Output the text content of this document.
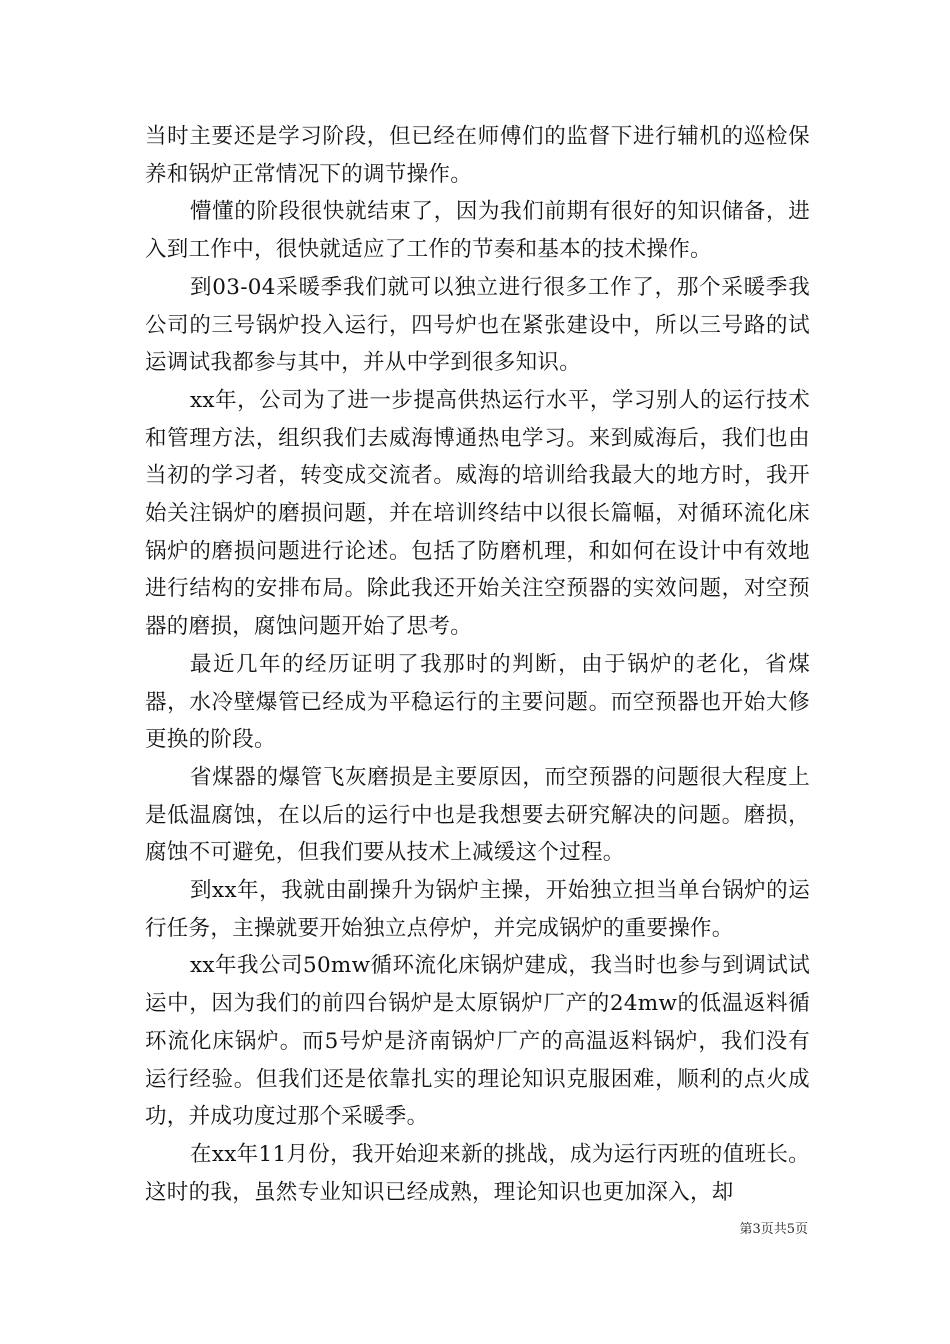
当时主要还是学习阶段，但已经在师傅们的监督下进行辅机的巡检保养和锅炉正常情况下的调节操作。

懵懂的阶段很快就结束了，因为我们前期有很好的知识储备，进入到工作中，很快就适应了工作的节奏和基本的技术操作。

到03-04采暖季我们就可以独立进行很多工作了，那个采暖季我公司的三号锅炉投入运行，四号炉也在紧张建设中，所以三号路的试运调试我都参与其中，并从中学到很多知识。

xx年，公司为了进一步提高供热运行水平，学习别人的运行技术和管理方法，组织我们去威海博通热电学习。来到威海后，我们也由当初的学习者，转变成交流者。威海的培训给我最大的地方时，我开始关注锅炉的磨损问题，并在培训终结中以很长篇幅，对循环流化床锅炉的磨损问题进行论述。包括了防磨机理，和如何在设计中有效地进行结构的安排布局。除此我还开始关注空预器的实效问题，对空预器的磨损，腐蚀问题开始了思考。

最近几年的经历证明了我那时的判断，由于锅炉的老化，省煤器，水冷壁爆管已经成为平稳运行的主要问题。而空预器也开始大修更换的阶段。

省煤器的爆管飞灰磨损是主要原因，而空预器的问题很大程度上是低温腐蚀，在以后的运行中也是我想要去研究解决的问题。磨损，腐蚀不可避免，但我们要从技术上减缓这个过程。

到xx年，我就由副操升为锅炉主操，开始独立担当单台锅炉的运行任务，主操就要开始独立点停炉，并完成锅炉的重要操作。

xx年我公司50mw循环流化床锅炉建成，我当时也参与到调试试运中，因为我们的前四台锅炉是太原锅炉厂产的24mw的低温返料循环流化床锅炉。而5号炉是济南锅炉厂产的高温返料锅炉，我们没有运行经验。但我们还是依靠扎实的理论知识克服困难，顺利的点火成功，并成功度过那个采暖季。

在xx年11月份，我开始迎来新的挑战，成为运行丙班的值班长。这时的我，虽然专业知识已经成熟，理论知识也更加深入，却

第3页共5页
